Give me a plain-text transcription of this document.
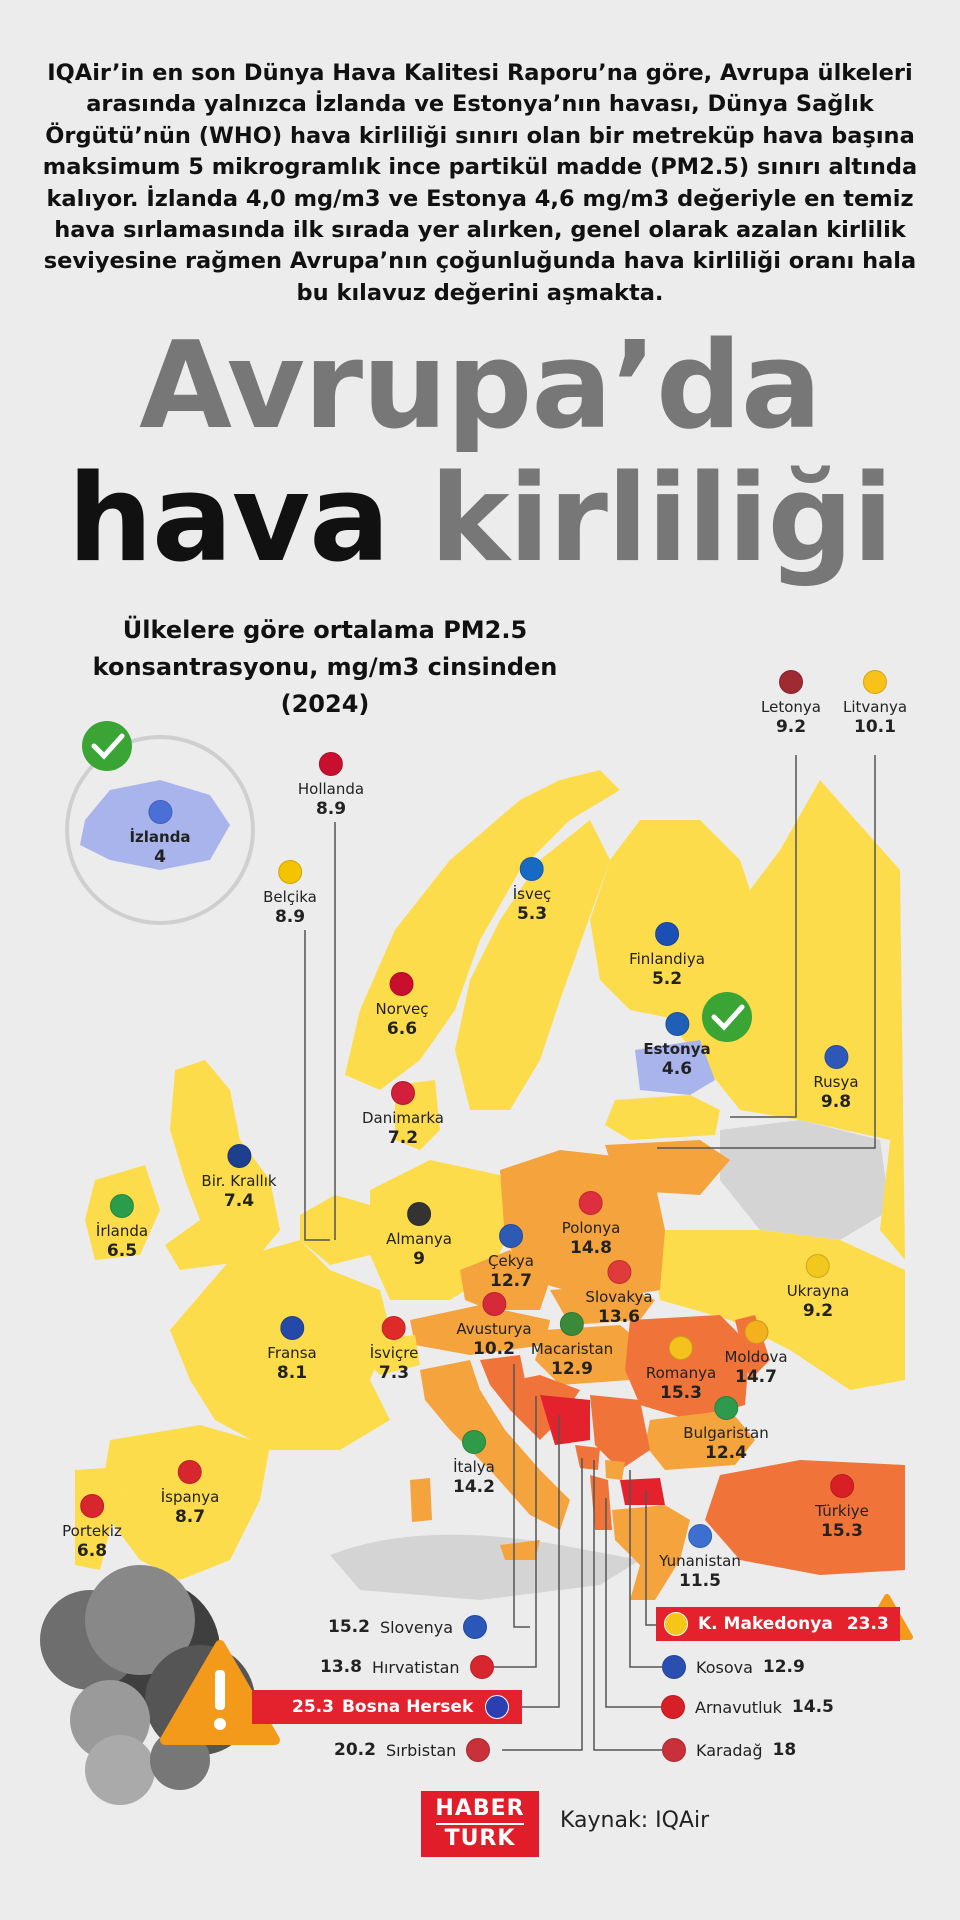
IQAir’in en son Dünya Hava Kalitesi Raporu’na göre, Avrupa ülkeleri arasında yalnızca İzlanda ve Estonya’nın havası, Dünya Sağlık Örgütü’nün (WHO) hava kirliliği sınırı olan bir metreküp hava başına maksimum 5 mikrogramlık ince partikül madde (PM2.5) sınırı altında kalıyor. İzlanda 4,0 mg/m3 ve Estonya 4,6 mg/m3 değeriyle en temiz hava sırlamasında ilk sırada yer alırken, genel olarak azalan kirlilik seviyesine rağmen Avrupa’nın çoğunluğunda hava kirliliği oranı hala bu kılavuz değerini aşmakta.
Avrupa’da
hava kirliliği
Ülkelere göre ortalama PM2.5 konsantrasyonu, mg/m3 cinsinden (2024)
İzlanda
4
Hollanda
8.9
Belçika
8.9
İsveç
5.3
Finlandiya
5.2
Norveç
6.6
Estonya
4.6
Rusya
9.8
Letonya
9.2
Litvanya
10.1
Danimarka
7.2
Bir. Krallık
7.4
İrlanda
6.5
Almanya
9
Polonya
14.8
Çekya
12.7
Slovakya
13.6
Ukrayna
9.2
Fransa
8.1
İsviçre
7.3
Avusturya
10.2	Macaristan
12.9	Romanya
15.3
Moldova
14.7
Bulgaristan
12.4
İtalya
14.2
İspanya
8.7
Portekiz
6.8
Türkiye
15.3
Yunanistan
11.5
15.2 Slovenya
13.8 Hırvatistan
25.3 Bosna Hersek
20.2 Sırbistan
K. Makedonya 23.3
Kosova 12.9
Arnavutluk 14.5
Karadağ 18
HABER
TURK
Kaynak: IQAir
